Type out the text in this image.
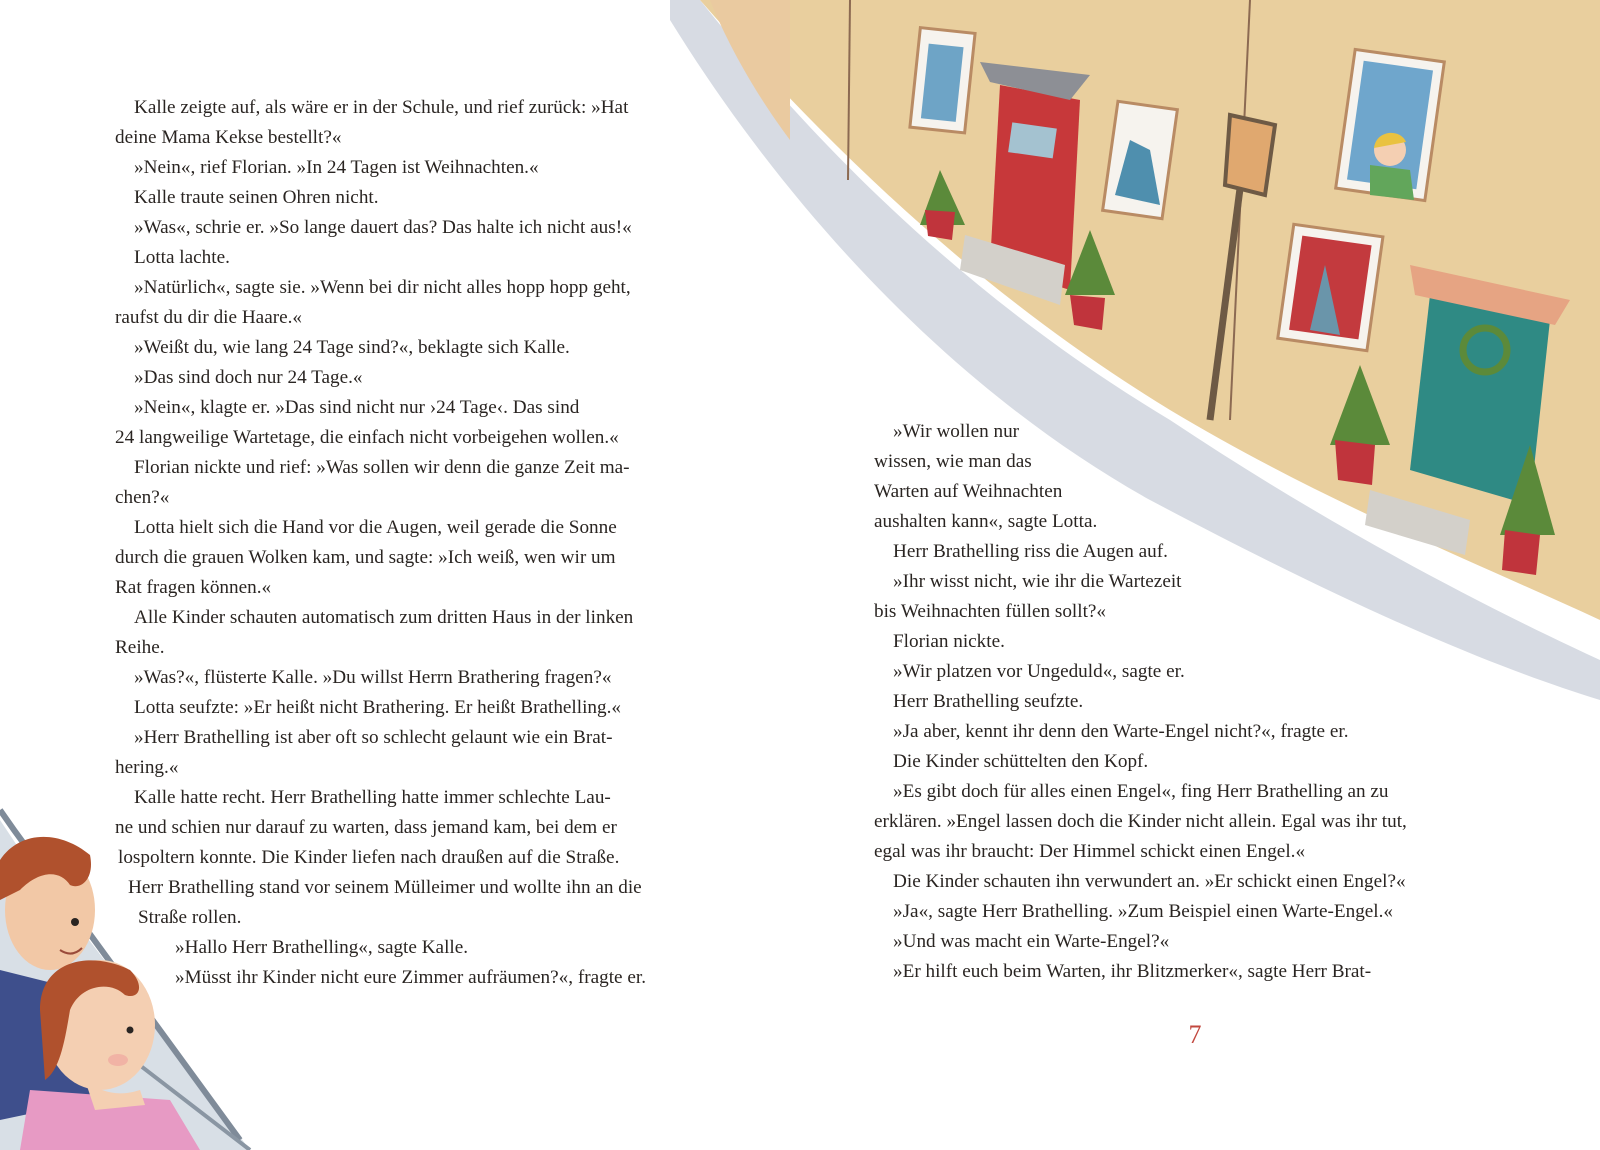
Kalle zeigte auf, als wäre er in der Schule, und rief zurück: »Hat
deine Mama Kekse bestellt?«
»Nein«, rief Florian. »In 24 Tagen ist Weihnachten.«
Kalle traute seinen Ohren nicht.
»Was«, schrie er. »So lange dauert das? Das halte ich nicht aus!«
Lotta lachte.
»Natürlich«, sagte sie. »Wenn bei dir nicht alles hopp hopp geht,
raufst du dir die Haare.«
»Weißt du, wie lang 24 Tage sind?«, beklagte sich Kalle.
»Das sind doch nur 24 Tage.«
»Nein«, klagte er. »Das sind nicht nur ›24 Tage‹. Das sind
24 langweilige Wartetage, die einfach nicht vorbeigehen wollen.«
Florian nickte und rief: »Was sollen wir denn die ganze Zeit ma-
chen?«
Lotta hielt sich die Hand vor die Augen, weil gerade die Sonne
durch die grauen Wolken kam, und sagte: »Ich weiß, wen wir um
Rat fragen können.«
Alle Kinder schauten automatisch zum dritten Haus in der linken
Reihe.
»Was?«, flüsterte Kalle. »Du willst Herrn Brathering fragen?«
Lotta seufzte: »Er heißt nicht Brathering. Er heißt Brathelling.«
»Herr Brathelling ist aber oft so schlecht gelaunt wie ein Brat-
hering.«
Kalle hatte recht. Herr Brathelling hatte immer schlechte Lau-
ne und schien nur darauf zu warten, dass jemand kam, bei dem er
lospoltern konnte. Die Kinder liefen nach draußen auf die Straße.
Herr Brathelling stand vor seinem Mülleimer und wollte ihn an die
Straße rollen.
»Hallo Herr Brathelling«, sagte Kalle.
»Müsst ihr Kinder nicht eure Zimmer aufräumen?«, fragte er.
»Wir wollen nur
wissen, wie man das
Warten auf Weihnachten
aushalten kann«, sagte Lotta.
Herr Brathelling riss die Augen auf.
»Ihr wisst nicht, wie ihr die Wartezeit
bis Weihnachten füllen sollt?«
Florian nickte.
»Wir platzen vor Ungeduld«, sagte er.
Herr Brathelling seufzte.
»Ja aber, kennt ihr denn den Warte-Engel nicht?«, fragte er.
Die Kinder schüttelten den Kopf.
»Es gibt doch für alles einen Engel«, fing Herr Brathelling an zu
erklären. »Engel lassen doch die Kinder nicht allein. Egal was ihr tut,
egal was ihr braucht: Der Himmel schickt einen Engel.«
Die Kinder schauten ihn verwundert an. »Er schickt einen Engel?«
»Ja«, sagte Herr Brathelling. »Zum Beispiel einen Warte-Engel.«
»Und was macht ein Warte-Engel?«
»Er hilft euch beim Warten, ihr Blitzmerker«, sagte Herr Brat-
7
